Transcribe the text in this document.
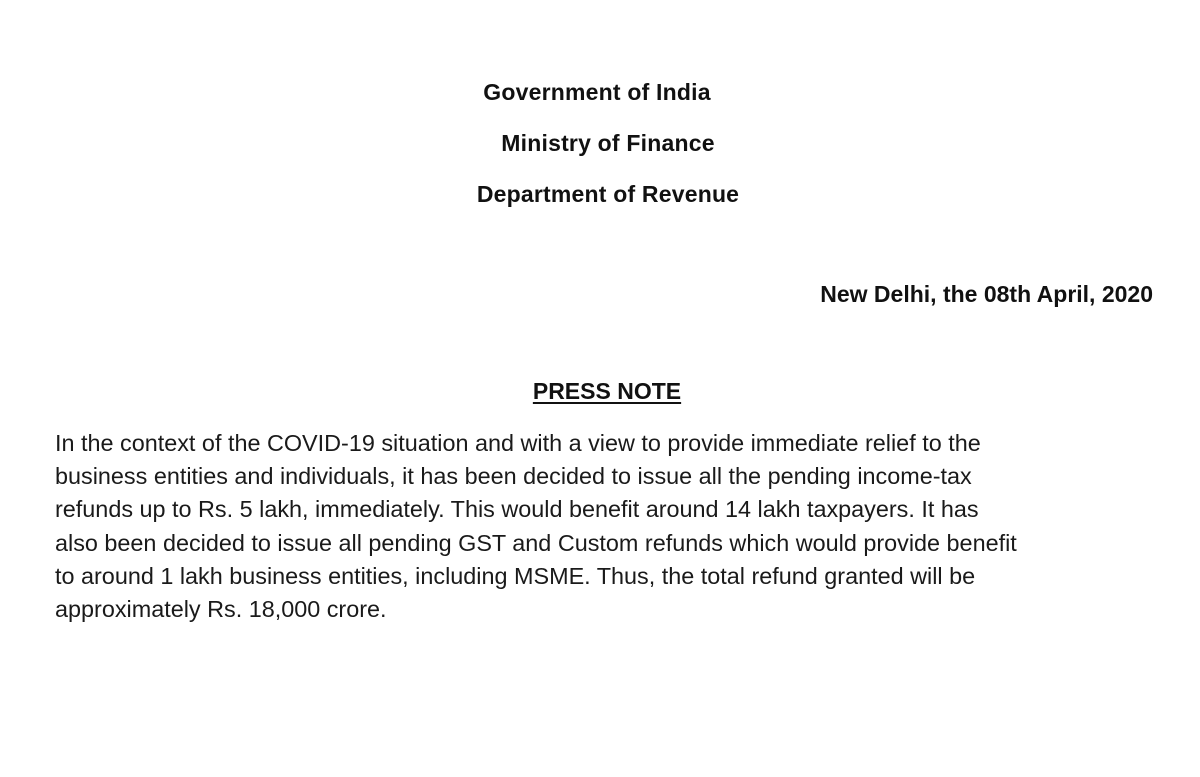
Government of India
Ministry of Finance
Department of Revenue
New Delhi, the 08th April, 2020
PRESS NOTE

In the context of the COVID-19 situation and with a view to provide immediate relief to the
business entities and individuals, it has been decided to issue all the pending income-tax
refunds up to Rs. 5 lakh, immediately. This would benefit around 14 lakh taxpayers. It has
also been decided to issue all pending GST and Custom refunds which would provide benefit
to around 1 lakh business entities, including MSME. Thus, the total refund granted will be
approximately Rs. 18,000 crore.
